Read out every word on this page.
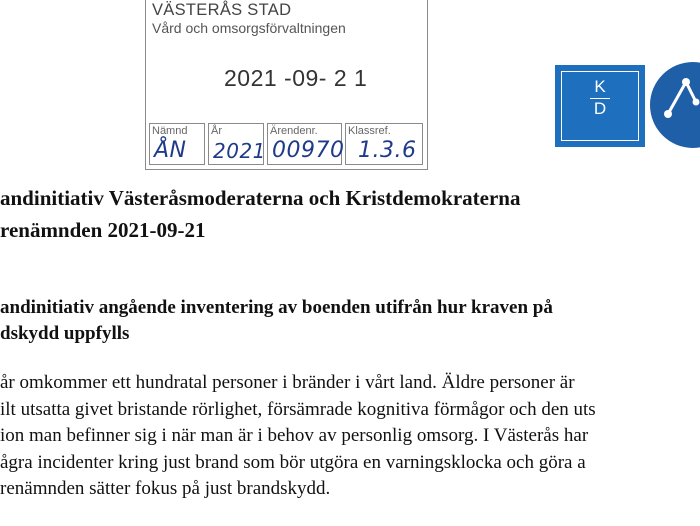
VÄSTERÅS STAD
Vård och omsorgsförvaltningen
2021 -09- 2 1
Nämnd
ÅN
År
2021
Ärendenr.
00970
Klassref.
1.3.6
K
D
andinitiativ Västeråsmoderaterna och Kristdemokraterna
renämnden 2021-09-21
andinitiativ angående inventering av boenden utifrån hur kraven på
dskydd uppfylls

år omkommer ett hundratal personer i bränder i vårt land. Äldre personer är
ilt utsatta givet bristande rörlighet, försämrade kognitiva förmågor och den uts
ion man befinner sig i när man är i behov av personlig omsorg. I Västerås har
ågra incidenter kring just brand som bör utgöra en varningsklocka och göra a
renämnden sätter fokus på just brandskydd.
